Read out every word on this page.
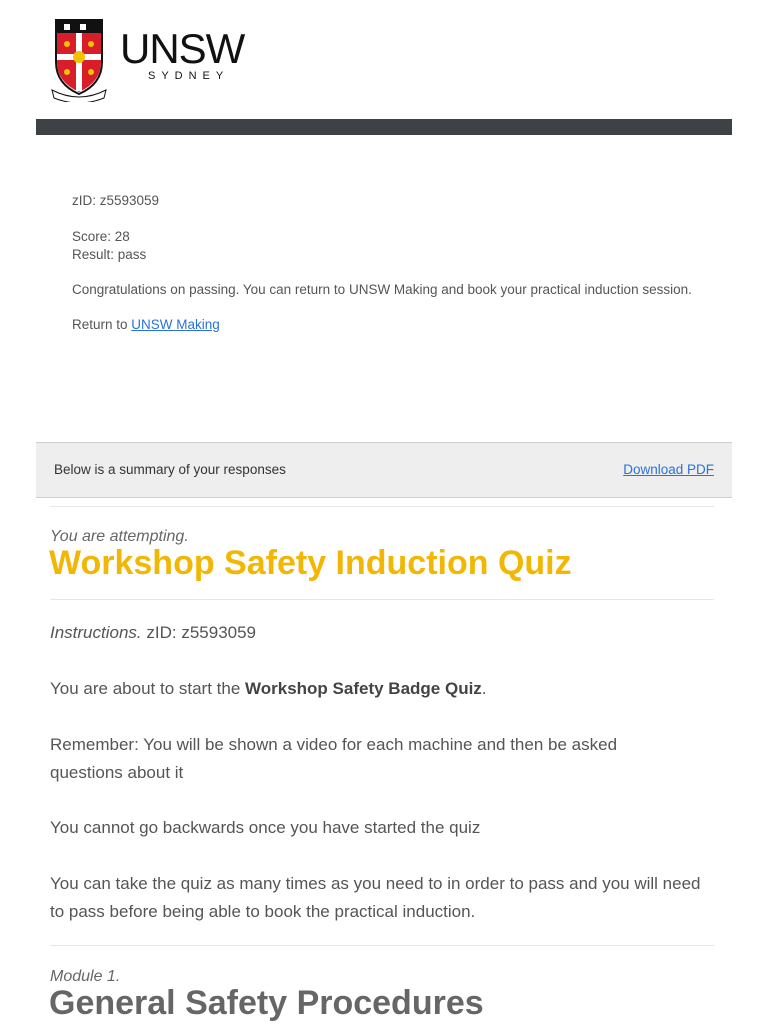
UNSW
SYDNEY

zID: z5593059

Score: 28

Result: pass

Congratulations on passing. You can return to UNSW Making and book your practical induction session.

Return to UNSW Making

Below is a summary of your responses	Download PDF
You are attempting.
Workshop Safety Induction Quiz
Instructions. zID: z5593059
You are about to start the Workshop Safety Badge Quiz.
Remember: You will be shown a video for each machine and then be asked questions about it
You cannot go backwards once you have started the quiz
You can take the quiz as many times as you need to in order to pass and you will need to pass before being able to book the practical induction.
Module 1.
General Safety Procedures
